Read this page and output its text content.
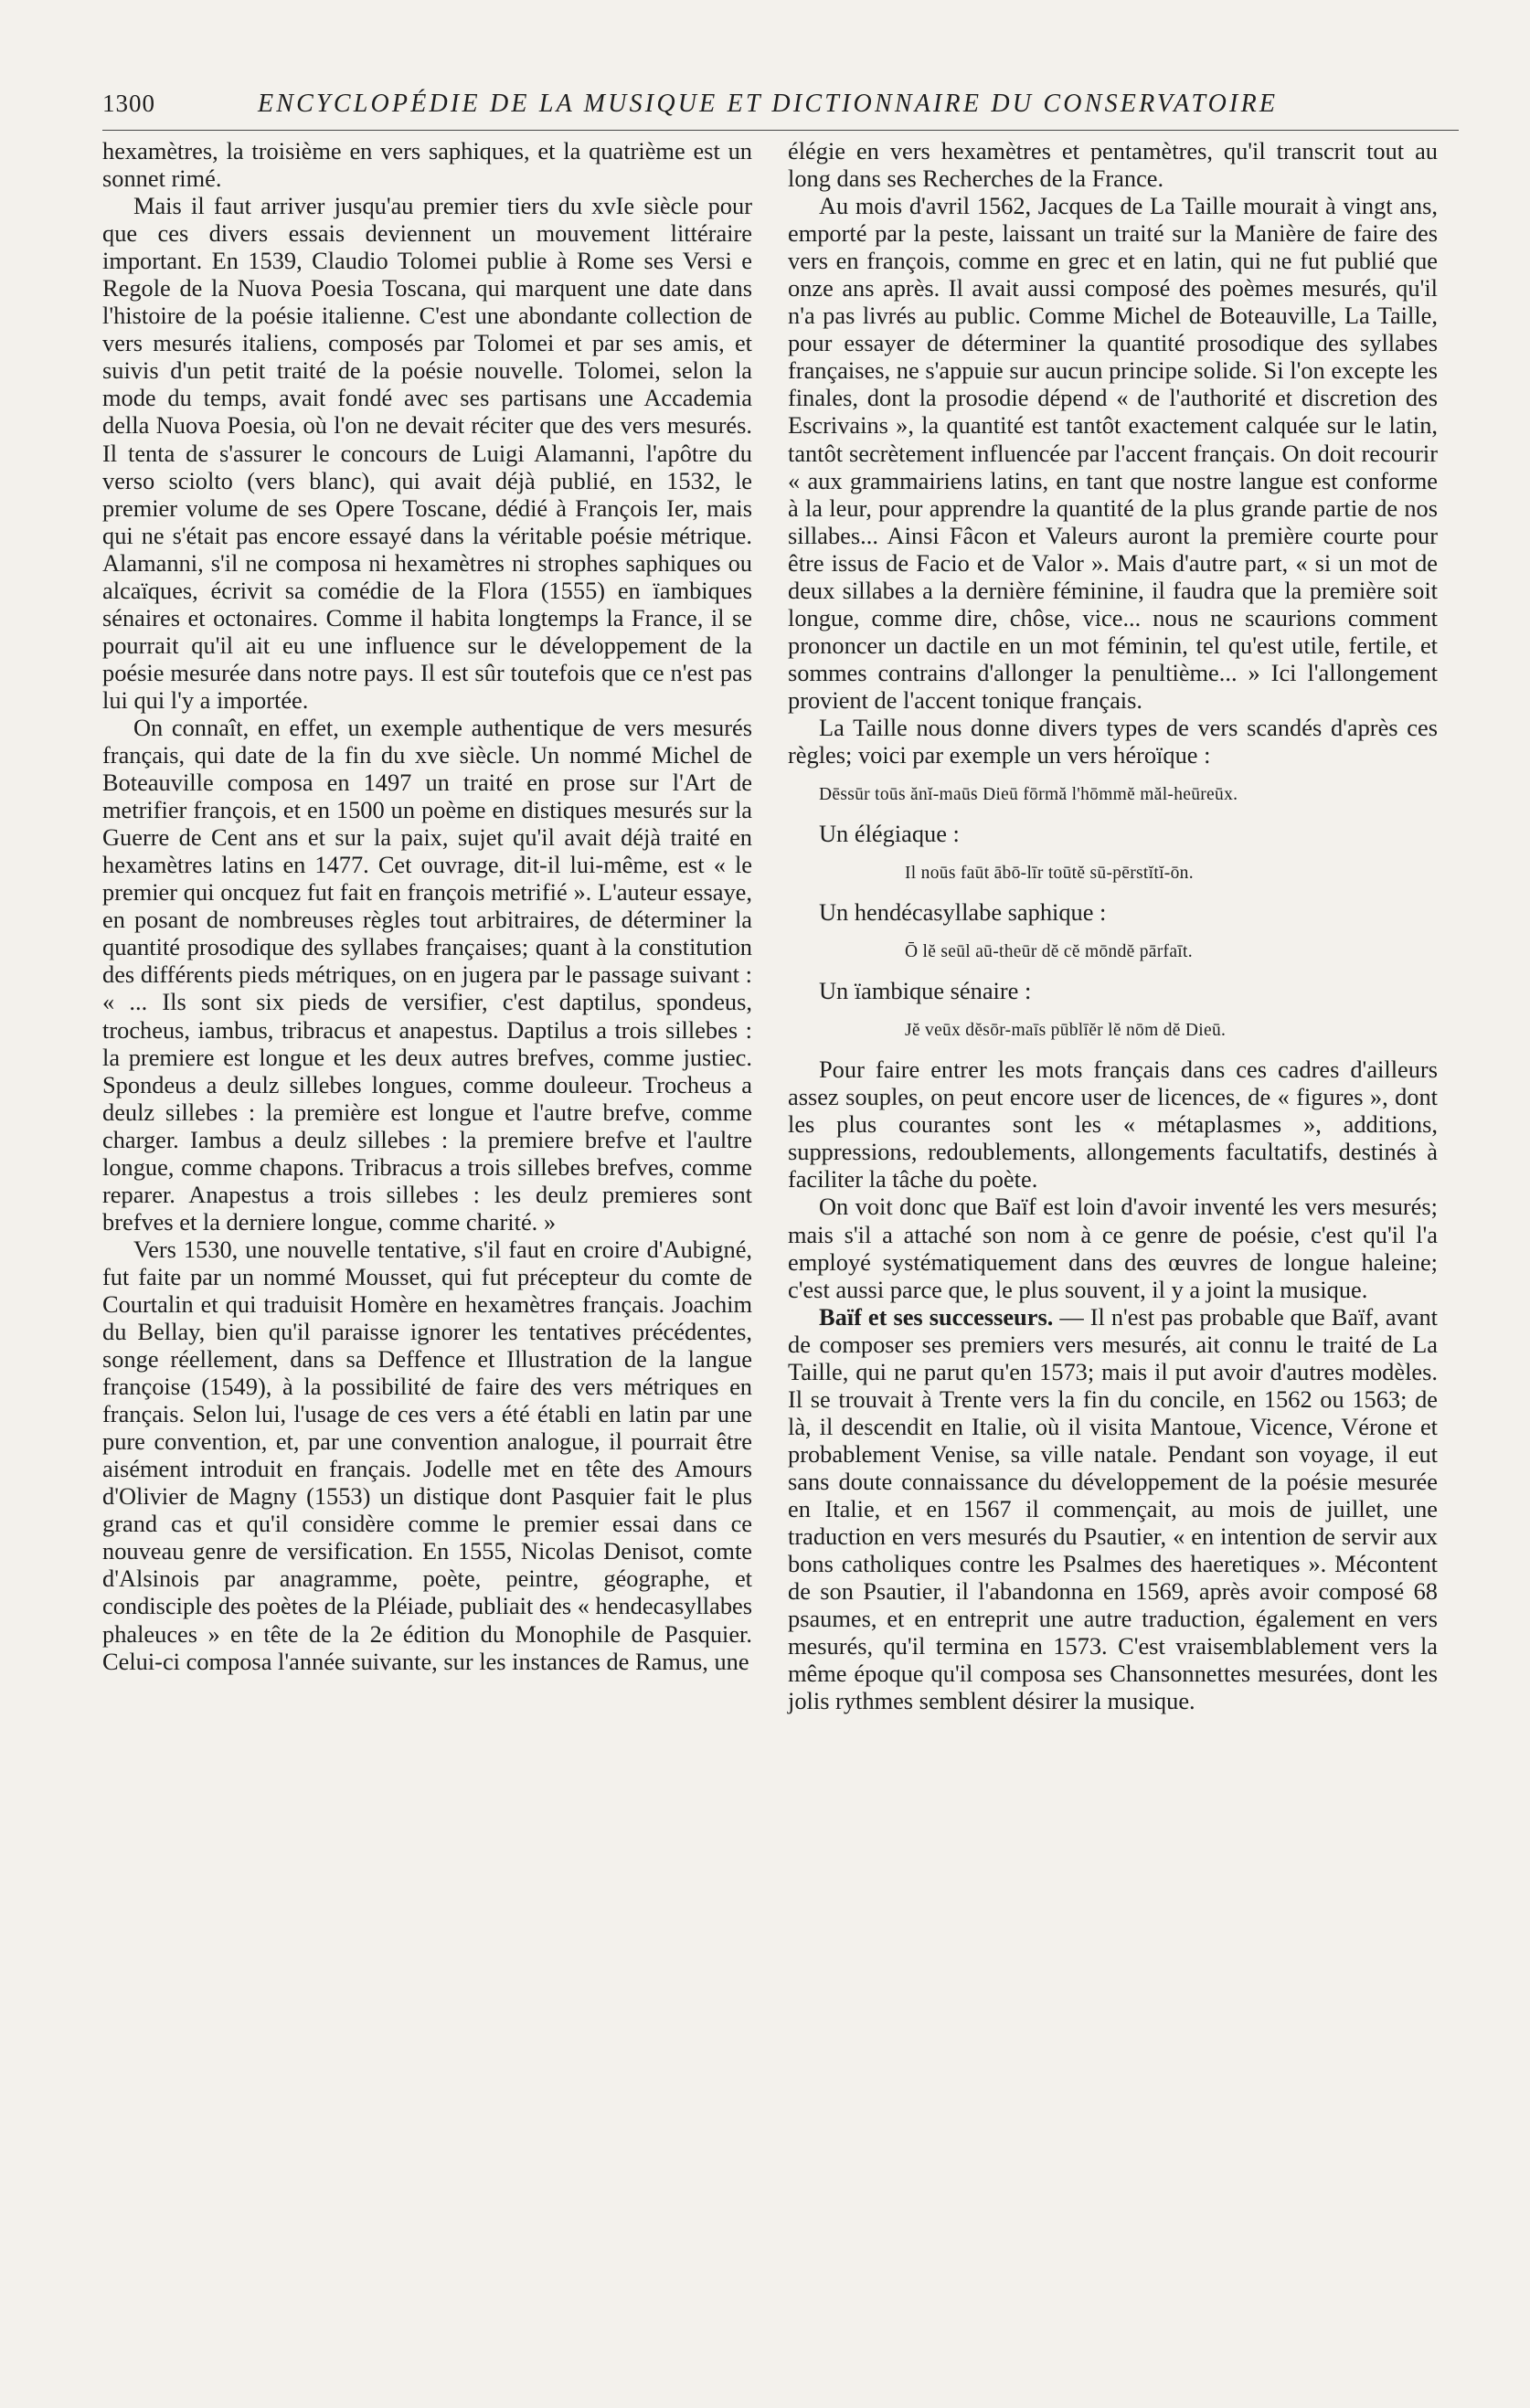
1300	ENCYCLOPÉDIE DE LA MUSIQUE ET DICTIONNAIRE DU CONSERVATOIRE

hexamètres, la troisième en vers saphiques, et la quatrième est un sonnet rimé.

Mais il faut arriver jusqu'au premier tiers du xvIe siècle pour que ces divers essais deviennent un mouvement littéraire important. En 1539, Claudio Tolomei publie à Rome ses Versi e Regole de la Nuova Poesia Toscana, qui marquent une date dans l'histoire de la poésie italienne. C'est une abondante collection de vers mesurés italiens, composés par Tolomei et par ses amis, et suivis d'un petit traité de la poésie nouvelle. Tolomei, selon la mode du temps, avait fondé avec ses partisans une Accademia della Nuova Poesia, où l'on ne devait réciter que des vers mesurés. Il tenta de s'assurer le concours de Luigi Alamanni, l'apôtre du verso sciolto (vers blanc), qui avait déjà publié, en 1532, le premier volume de ses Opere Toscane, dédié à François Ier, mais qui ne s'était pas encore essayé dans la véritable poésie métrique. Alamanni, s'il ne composa ni hexamètres ni strophes saphiques ou alcaïques, écrivit sa comédie de la Flora (1555) en ïambiques sénaires et octonaires. Comme il habita longtemps la France, il se pourrait qu'il ait eu une influence sur le développement de la poésie mesurée dans notre pays. Il est sûr toutefois que ce n'est pas lui qui l'y a importée.

On connaît, en effet, un exemple authentique de vers mesurés français, qui date de la fin du xve siècle. Un nommé Michel de Boteauville composa en 1497 un traité en prose sur l'Art de metrifier françois, et en 1500 un poème en distiques mesurés sur la Guerre de Cent ans et sur la paix, sujet qu'il avait déjà traité en hexamètres latins en 1477. Cet ouvrage, dit-il lui-même, est « le premier qui oncquez fut fait en françois metrifié ». L'auteur essaye, en posant de nombreuses règles tout arbitraires, de déterminer la quantité prosodique des syllabes françaises; quant à la constitution des différents pieds métriques, on en jugera par le passage suivant : « ... Ils sont six pieds de versifier, c'est daptilus, spondeus, trocheus, iambus, tribracus et anapestus. Daptilus a trois sillebes : la premiere est longue et les deux autres brefves, comme justiec. Spondeus a deulz sillebes longues, comme douleeur. Trocheus a deulz sillebes : la première est longue et l'autre brefve, comme charger. Iambus a deulz sillebes : la premiere brefve et l'aultre longue, comme chapons. Tribracus a trois sillebes brefves, comme reparer. Anapestus a trois sillebes : les deulz premieres sont brefves et la derniere longue, comme charité. »

Vers 1530, une nouvelle tentative, s'il faut en croire d'Aubigné, fut faite par un nommé Mousset, qui fut précepteur du comte de Courtalin et qui traduisit Homère en hexamètres français. Joachim du Bellay, bien qu'il paraisse ignorer les tentatives précédentes, songe réellement, dans sa Deffence et Illustration de la langue françoise (1549), à la possibilité de faire des vers métriques en français. Selon lui, l'usage de ces vers a été établi en latin par une pure convention, et, par une convention analogue, il pourrait être aisément introduit en français. Jodelle met en tête des Amours d'Olivier de Magny (1553) un distique dont Pasquier fait le plus grand cas et qu'il considère comme le premier essai dans ce nouveau genre de versification. En 1555, Nicolas Denisot, comte d'Alsinois par anagramme, poète, peintre, géographe, et condisciple des poètes de la Pléiade, publiait des « hendecasyllabes phaleuces » en tête de la 2e édition du Monophile de Pasquier. Celui-ci composa l'année suivante, sur les instances de Ramus, une

élégie en vers hexamètres et pentamètres, qu'il transcrit tout au long dans ses Recherches de la France.

Au mois d'avril 1562, Jacques de La Taille mourait à vingt ans, emporté par la peste, laissant un traité sur la Manière de faire des vers en françois, comme en grec et en latin, qui ne fut publié que onze ans après. Il avait aussi composé des poèmes mesurés, qu'il n'a pas livrés au public. Comme Michel de Boteauville, La Taille, pour essayer de déterminer la quantité prosodique des syllabes françaises, ne s'appuie sur aucun principe solide. Si l'on excepte les finales, dont la prosodie dépend « de l'authorité et discretion des Escrivains », la quantité est tantôt exactement calquée sur le latin, tantôt secrètement influencée par l'accent français. On doit recourir « aux grammairiens latins, en tant que nostre langue est conforme à la leur, pour apprendre la quantité de la plus grande partie de nos sillabes... Ainsi Fâcon et Valeurs auront la première courte pour être issus de Facio et de Valor ». Mais d'autre part, « si un mot de deux sillabes a la dernière féminine, il faudra que la première soit longue, comme dire, chôse, vice... nous ne scaurions comment prononcer un dactile en un mot féminin, tel qu'est utile, fertile, et sommes contrains d'allonger la penultième... » Ici l'allongement provient de l'accent tonique français.

La Taille nous donne divers types de vers scandés d'après ces règles; voici par exemple un vers héroïque :

Dēssūr toūs ănĭ-maūs Dieū fōrmă l'hōmmĕ măl-heūreūx.

Un élégiaque :

Il noūs faūt ābō-līr toūtĕ sū-pērstĭtĭ-ōn.

Un hendécasyllabe saphique :

Ō lĕ seūl aū-theūr dĕ cĕ mōndĕ pārfaīt.

Un ïambique sénaire :

Jĕ veūx dĕsōr-maīs pūblīĕr lĕ nōm dĕ Dieū.

Pour faire entrer les mots français dans ces cadres d'ailleurs assez souples, on peut encore user de licences, de « figures », dont les plus courantes sont les « métaplasmes », additions, suppressions, redoublements, allongements facultatifs, destinés à faciliter la tâche du poète.

On voit donc que Baïf est loin d'avoir inventé les vers mesurés; mais s'il a attaché son nom à ce genre de poésie, c'est qu'il l'a employé systématiquement dans des œuvres de longue haleine; c'est aussi parce que, le plus souvent, il y a joint la musique.

Baïf et ses successeurs. — Il n'est pas probable que Baïf, avant de composer ses premiers vers mesurés, ait connu le traité de La Taille, qui ne parut qu'en 1573; mais il put avoir d'autres modèles. Il se trouvait à Trente vers la fin du concile, en 1562 ou 1563; de là, il descendit en Italie, où il visita Mantoue, Vicence, Vérone et probablement Venise, sa ville natale. Pendant son voyage, il eut sans doute connaissance du développement de la poésie mesurée en Italie, et en 1567 il commençait, au mois de juillet, une traduction en vers mesurés du Psautier, « en intention de servir aux bons catholiques contre les Psalmes des haeretiques ». Mécontent de son Psautier, il l'abandonna en 1569, après avoir composé 68 psaumes, et en entreprit une autre traduction, également en vers mesurés, qu'il termina en 1573. C'est vraisemblablement vers la même époque qu'il composa ses Chansonnettes mesurées, dont les jolis rythmes semblent désirer la musique.
